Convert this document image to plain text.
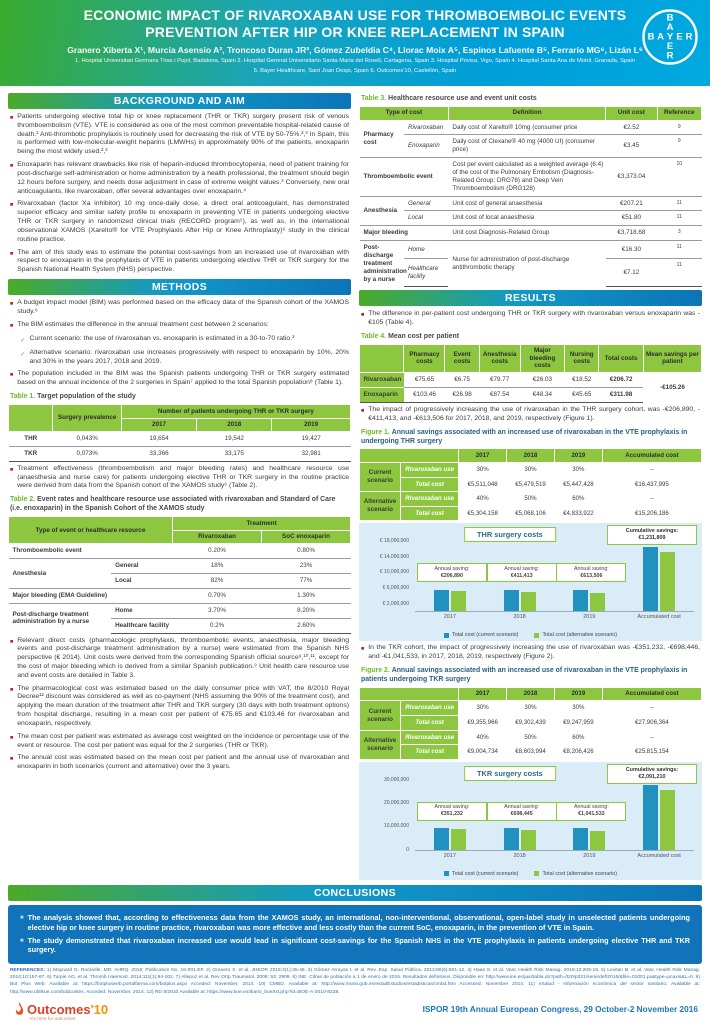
ECONOMIC IMPACT OF RIVAROXABAN USE FOR THROMBOEMBOLIC EVENTS PREVENTION AFTER HIP OR KNEE REPLACEMENT IN SPAIN
Granero Xiberta X¹, Murcia Asensio A², Troncoso Duran JR³, Gómez Zubeldia C⁴, Llorac Moix A⁵, Espinos Lafuente B⁵, Ferrario MG⁶, Lizán L⁶
1. Hospital Universitari Germans Trias i Pujol, Badalona, Spain 2. Hospital General Universitario Santa Maria del Rosell, Cartagena, Spain 3. Hospital Povisa, Vigo, Spain 4. Hospital Santa Ana de Motril, Granada, Spain
5. Bayer Healthcare, Sant Joan Despi, Spain 6. Outcomes'10, Castellón, Spain
B
B
A
A
Y E
E
R
R
BACKGROUND AND AIM
■ Patients undergoing elective total hip or knee replacement (THR or TKR) surgery present risk of venous thromboembolism (VTE). VTE is considered as one of the most common preventable hospital-related cause of death.¹ Anti-thrombotic prophylaxis is routinely used for decreasing the risk of VTE by 50-75%.²,³ In Spain, this is performed with low-molecular-weight heparins (LMWHs) in approximately 90% of the patients, enoxaparin being the most widely used.²,³
■ Enoxaparin has relevant drawbacks like risk of heparin-induced thrombocytopenia, need of patient training for post-discharge self-administration or home administration by a health professional, the treatment should begin 12 hours before surgery, and needs dose adjustment in case of extreme weight values.³ Conversely, new oral anticoagulants, like rivaroxaban, offer several advantages over enoxaparin.⁴
■ Rivaroxaban (factor Xa inhibitor) 10 mg once-daily dose, a direct oral anticoagulant, has demonstrated superior efficacy and similar safety profile to enoxaparin in preventing VTE in patients undergoing elective THR or TKR surgery in randomized clinical trials (RECORD program⁵), as well as, in the international observational XAMOS (Xarelto® for VTE Prophylaxis After Hip or Knee Arthroplasty)⁶ study in the clinical routine practice.
■ The aim of this study was to estimate the potential cost-savings from an increased use of rivaroxaban with respect to enoxaparin in the prophylaxis of VTE in patients undergoing elective THR or TKR surgery for the Spanish National Health System (NHS) perspective.
METHODS
■ A budget impact model (BIM) was performed based on the efficacy data of the Spanish cohort of the XAMOS study.⁶
■ The BIM estimates the difference in the annual treatment cost between 2 scenarios:
✓ Current scenario: the use of rivaroxaban vs. enoxaparin is estimated in a 30-to-70 ratio.³
✓ Alternative scenario: rivaroxaban use increases progressively with respect to enoxaparin by 10%, 20% and 30% in the years 2017, 2018 and 2019.
■ The population included in the BIM was the Spanish patients undergoing THR or TKR surgery estimated based on the annual incidence of the 2 surgeries in Spain⁷ applied to the total Spanish population⁸ (Table 1).
Table 1. Target population of the study
	Surgery prevalence	Number of patients undergoing THR or TKR surgery		
		2017	2018	2019
THR	0,043%	19,654	19,542	19,427
TKR	0,073%	33,366	33,175	32,981
■ Treatment effectiveness (thromboembolism and major bleeding rates) and healthcare resource use (anaesthesia and nurse care) for patients undergoing elective THR or TKR surgery in the routine practice were derived from data from the Spanish cohort of the XAMOS study⁶ (Table 2).
Table 2. Event rates and healthcare resource use associated with rivaroxaban and Standard of Care (i.e. enoxaparin) in the Spanish Cohort of the XAMOS study
Type of event or healthcare resource		Treatment	
		Rivaroxaban	SoC enoxaparin
Thromboembolic event		0.20%	0.80%
Anesthesia	General	18%	23%
	Local	82%	77%
Major bleeding (EMA Guideline)		0.70%	1.30%
Post-discharge treatment administration by a nurse	Home	3.70%	8.20%
	Healthcare facility	0.2%	2.60%
■ Relevant direct costs (pharmacologic prophylaxis, thromboembolic events, anaesthesia, major bleeding events and post-discharge treatment administration by a nurse) were estimated from the Spanish NHS perspective (€ 2014). Unit costs were derived from the corresponding Spanish official source⁹,¹⁰,¹¹, except for the cost of major bleeding which is derived from a similar Spanish publication.⁹ Unit health care resource use and event costs are detailed in Table 3.
■ The pharmacological cost was estimated based on the daily consumer price with VAT, the 8/2010 Royal Decree¹² discount was considered as well as co-payment (NHS assuming the 90% of the treatment cost), and applying the mean duration of the treatment after THR and TKR surgery (30 days with both treatment options) from hospital discharge, resulting in a mean cost per patient of €75.65 and €103.46 for rivaroxaban and enoxaparin, respectively.
■ The mean cost per patient was estimated as average cost weighted on the incidence or percentage use of the event or resource. The cost per patient was equal for the 2 surgeries (THR or TKR).
■ The annual cost was estimated based on the mean cost per patient and the annual use of rivaroxaban and enoxaparin in both scenarios (current and alternative) over the 3 years.
Table 3. Healthcare resource use and event unit costs
Type of cost		Definition	Unit cost	Reference
Pharmacy cost	Rivaroxaban	Daily cost of Xarelto® 10mg (consumer price	€2.52	9
	Enoxaparin	Daily cost of Clexane® 40 mg (4000 UI) (consumer price)	€3.45	9
Thromboembolic event		Cost per event calculated as a weighted average (6:4) of the cost of the Pulmonary Embolism (Diagnosis-Related Group; DRG78) and Deep Vein Thromboembolism (DRG128)	€3,373.04	10
Anesthesia	General	Unit cost of general anaesthesia	€207.21	11
	Local	Unit cost of local anaesthesia	€51.80	11
Major bleeding		Unit cost Diagnosis-Related Group	€3,718.68	3
Post-discharge treatment administration by a nurse	Home	Nurse for administration of post-discharge antithrombotic therapy	€16.30	11
	Healthcare facility		€7.12	11
RESULTS
■ The difference in per-patient cost undergoing THR or TKR surgery with rivaroxaban versus enoxaparin was -€105 (Table 4).
Table 4. Mean cost per patient
	Pharmacy costs	Event costs	Anesthesia costs	Major bleeding costs	Nursing costs	Total costs	Mean savings per patient
Rivaroxaban	€75.65	€6.75	€79.77	€26.03	€18.52	€206.72	-€105.26
Enoxaparin	€103.46	€26.98	€87.54	€48.34	€45.65	€311.98	
■ The impact of progressively increasing the use of rivaroxaban in the THR surgery cohort, was -€206,890, -€411,413, and -€613,506 for 2017, 2018, and 2019, respectively (Figure 1).
Figure 1. Annual savings associated with an increased use of rivaroxaban in the VTE prophylaxis in undergoing THR surgery
		2017	2018	2019	Accumulated cost
Current scenario	Rivaroxaban use	30%	30%	30%	–
	Total cost	€5,511,048	€5,479,519	€5,447,428	€16,437,995
Alternative scenario	Rivaroxaban use	40%	50%	60%	–
	Total cost	€5,304,158	€5,068,106	€4,833,922	€15,206,186
€ 18,000,000
€ 14,000,000
€ 10,000,000
€ 6,000,000
€ 2,000,000
2017
Annual saving:
€206,890
2018
Annual saving:
€411,413
2019
Annual saving:
€613,506
Accumulated cost
THR surgery costs	Cumulative savings:
€1,231,809
Total cost (current scenario)	Total cost (alternative scenario)
■ In the TKR cohort, the impact of progressively increasing the use of rivaroxaban was -€351,232, -€698,446, and -€1,041,533, in 2017, 2018, 2019, respectively (Figure 2).
Figure 2. Annual savings associated with an increased use of rivaroxaban in the VTE prophylaxis in patients undergoing TKR surgery
		2017	2018	2019	Accumulated cost
Current scenario	Rivaroxaban use	30%	30%	30%	–
	Total cost	€9,355,966	€9,302,439	€9,247,959	€27,906,364
Alternative scenario	Rivaroxaban use	40%	50%	60%	–
	Total cost	€9,004,734	€8,603,994	€8,206,426	€25,815,154
30,000,000
20,000,000
10,000,000
0
2017
Annual saving:
€351,232
2018
Annual saving:
€698,445
2019
Annual saving:
€1,041,533
Accumulated cost
TKR surgery costs	Cumulative savings:
€2,091,210
Total cost (current scenario)	Total cost (alternative scenario)
CONCLUSIONS
■ The analysis showed that, according to effectiveness data from the XAMOS study, an international, non-interventional, observational, open-label study in unselected patients undergoing elective hip or knee surgery in routine practice, rivaroxaban was more effective and less costly than the current SoC, enoxaparin, in the prevention of VTE in Spain.
■ The study demonstrated that rivaroxaban increased use would lead in significant cost-savings for the Spanish NHS in the VTE prophylaxis in patients undergoing elective THR and TKR surgery.
REFERENCES: 1) Maynard G. Rockville, MD: AHRQ. 2016; Publication No. 16-001-EF. 2) Granero X. et al. JHEOR 2016;4(1):35-46. 3) Gómez Arrayas I. et al. Rev. Esp. Salud Pública. 2012;86(6):601-12. 4) Haas S. et al. Vasc Health Risk Manag. 2016;12:209-18. 5) Levitan B. et al. Vasc Health Risk Manag. 2014;10:157-67. 6) Turpie AG. et al. Thromb Haemost. 2014;111(1):94-102. 7) Allepuz et al. Rev Ortp Traumatol. 2009; 53: 2909. 8) INE. Cifras de población a 1 de enero de 2016. Resultados definitivos. Disponible en: http://www.ine.es/jaxi/tabla.do?path=/t20/p321/serie/def/2016/&file=01001.px&type=pcaxis&L=0. 9) Bot Plus Web. Available at: https://botplusweb.portalfarma.com/botplus.aspx Acceded: November, 2014. 10) CMBD. Available at: http://www.msssi.gob.es/estadEstudios/estadisticas/cmbd.htm Accessed: November 2014. 11) eSalud - Información económica del sector sanitario. Available at: http://www.oblikue.com/bddcostes. Acceded: November, 2014. 12) RD 8/2010 Available at: https://www.boe.es/diario_boe/txt.php?id=BOE-A-2010-8228.
Outcomes'10
It's time for outcomes
ISPOR 19th Annual European Congress, 29 October-2 November 2016
